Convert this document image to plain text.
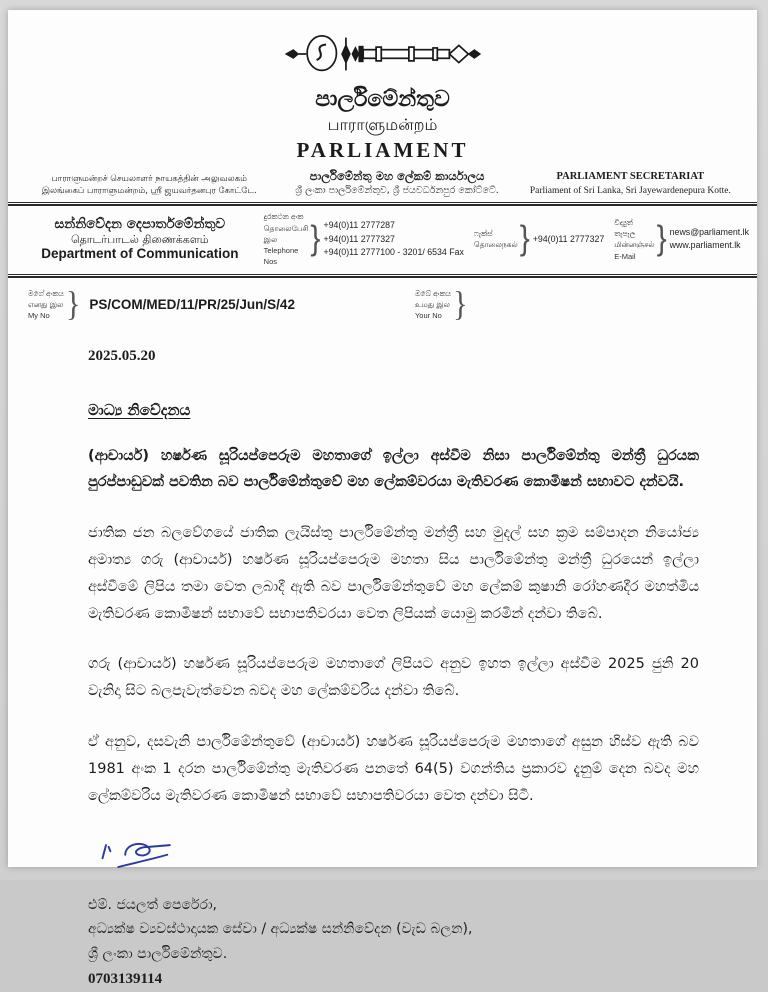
පාර්ලිමේන්තුව
பாராளுமன்றம்
PARLIAMENT
பாராளுமன்றச் செயலாளர் நாயகத்தின் அலுவலகம்
இலங்கைப் பாராளுமன்றம், ஸ்ரீ ஜயவர்தனபுர கோட்டே.
පාර්ලිමේන්තු මහ ලේකම් කාර්යාලය
ශ්‍රී ලංකා පාර්ලිමේන්තුව, ශ්‍රී ජයවර්ධනපුර කෝට්ටේ.
PARLIAMENT SECRETARIAT
Parliament of Sri Lanka, Sri Jayewardenepura Kotte.
සන්නිවේදන දෙපාර්තමේන්තුව
தொடர்பாடல் திணைக்களம்
Department of Communication
දුරකථන අංක
தொலைபேசி இல
Telephone Nos
} +94(0)11 2777287
+94(0)11 2777327
+94(0)11 2777100 - 3201/ 6534 Fax
ෆැක්ස්
தொலைநகல் } +94(0)11 2777327
විද්‍යුත් තැපෑල
மின்னஞ்சல்
E-Mail } news@parliament.lk
www.parliament.lk
මගේ අංකය
எனது இல
My No } PS/COM/MED/11/PR/25/Jun/S/42
ඔබේ අංකය
உமது இல
Your No }
2025.05.20
මාධ්‍ය නිවේදනය

(ආචාර්ය) හර්ෂණ සූරියප්පෙරුම මහතාගේ ඉල්ලා අස්වීම නිසා පාර්ලිමේන්තු මන්ත්‍රී ධුරයක පුරප්පාඩුවක් පවතින බව පාර්ලිමේන්තුවේ මහ ලේකම්වරයා මැතිවරණ කොමිෂන් සභාවට දන්වයි.

ජාතික ජන බලවේගයේ ජාතික ලැයිස්තු පාර්ලිමේන්තු මන්ත්‍රී සහ මුදල් සහ ක්‍රම සම්පාදන නියෝජ්‍ය අමාත්‍ය ගරු (ආචාර්ය) හර්ෂණ සූරියප්පෙරුම මහතා සිය පාර්ලිමේන්තු මන්ත්‍රී ධුරයෙන් ඉල්ලා අස්වීමේ ලිපිය තමා වෙත ලබාදී ඇති බව පාර්ලිමේන්තුවේ මහ ලේකම් කුෂානි රෝහණදීර මහත්මිය මැතිවරණ කොමිෂන් සභාවේ සභාපතිවරයා වෙත ලිපියක් යොමු කරමින් දන්වා තිබේ.

ගරු (ආචාර්ය) හර්ෂණ සූරියප්පෙරුම මහතාගේ ලිපියට අනුව ඉහත ඉල්ලා අස්වීම 2025 ජුනි 20 වැනිදා සිට බලපැවැත්වෙන බවද මහ ලේකම්වරිය දන්වා තිබේ.

ඒ අනුව, දසවැනි පාර්ලිමේන්තුවේ (ආචාර්ය) හර්ෂණ සූරියප්පෙරුම මහතාගේ අසුන හිස්ව ඇති බව 1981 අංක 1 දරන පාර්ලිමේන්තු මැතිවරණ පනතේ 64(5) වගන්තිය ප්‍රකාරව දැනුම් දෙන බවද මහ ලේකම්වරිය මැතිවරණ කොමිෂන් සභාවේ සභාපතිවරයා වෙත දන්වා සිටී.

එම්. ජයලත් පෙරේරා,
අධ්‍යක්ෂ ව්‍යවස්ථාදායක සේවා / අධ්‍යක්ෂ සන්නිවේදන (වැඩ බලන),
ශ්‍රී ලංකා පාර්ලිමේන්තුව.
0703139114
